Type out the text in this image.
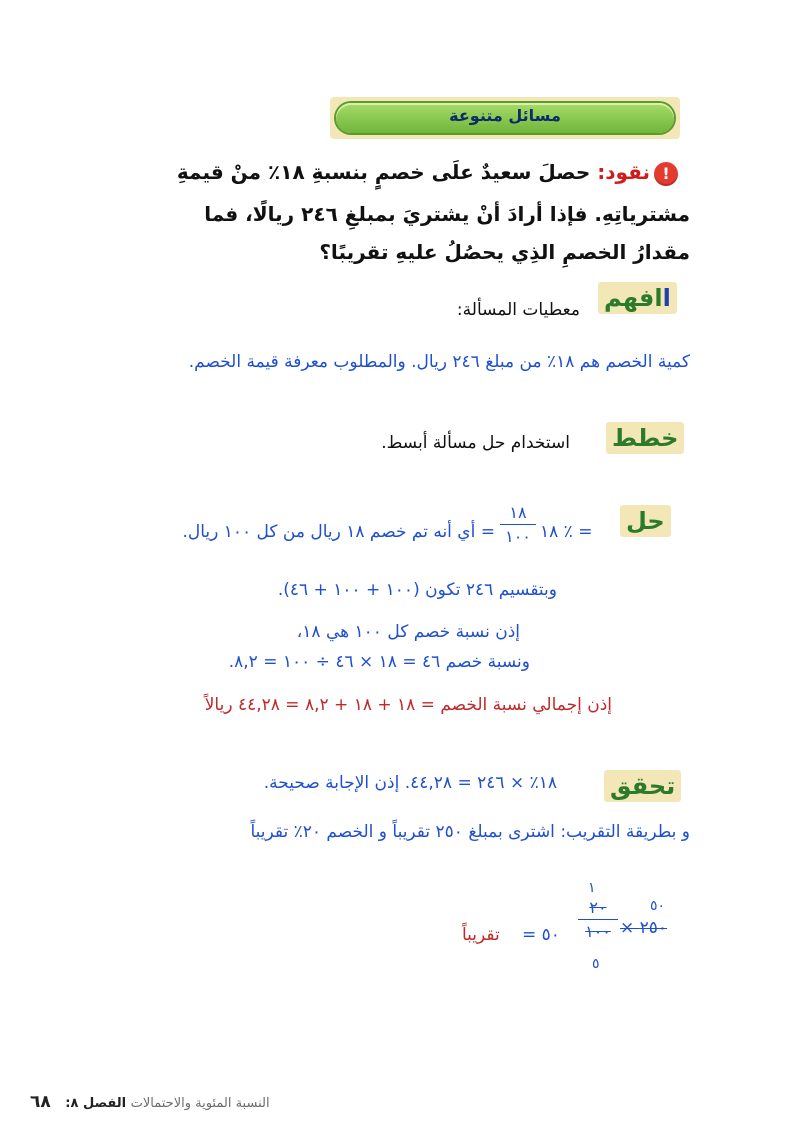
مسائل متنوعة
!
نقود: حصلَ سعيدٌ علَى خصمٍ بنسبةِ ١٨٪ منْ قيمةِ
مشترياتِهِ. فإذا أرادَ أنْ يشتريَ بمبلغِ ٢٤٦ ريالًا، فما
مقدارُ الخصمِ الذِي يحصُلُ عليهِ تقريبًا؟
اافهم
معطيات المسألة:
كمية الخصم هم ١٨٪ من مبلغ ٢٤٦ ريال. والمطلوب معرفة قيمة الخصم.
خطط
استخدام حل مسألة أبسط.
حل
١٨ ٪ =
١٨
١٠٠
= أي أنه تم خصم ١٨ ريال من كل ١٠٠ ريال.
وبتقسيم ٢٤٦ تكون (١٠٠ + ١٠٠ + ٤٦).
إذن نسبة خصم كل ١٠٠ هي ١٨،
ونسبة خصم ٤٦ = ١٨ × ٤٦ ÷ ١٠٠ = ٨,٢.
إذن إجمالي نسبة الخصم = ١٨ + ١٨ + ٨,٢ = ٤٤,٢٨ ريالاً
تحقق
١٨٪ × ٢٤٦ = ٤٤,٢٨. إذن الإجابة صحيحة.
و بطريقة التقريب: اشترى بمبلغ ٢٥٠ تقريباً و الخصم ٢٠٪ تقريباً
١
٥٠
٢٠
١٠٠ × ٢٥٠
٥
= ٥٠
تقريباً
النسبة المئوية والاحتمالات الفصل ٨: ٦٨
